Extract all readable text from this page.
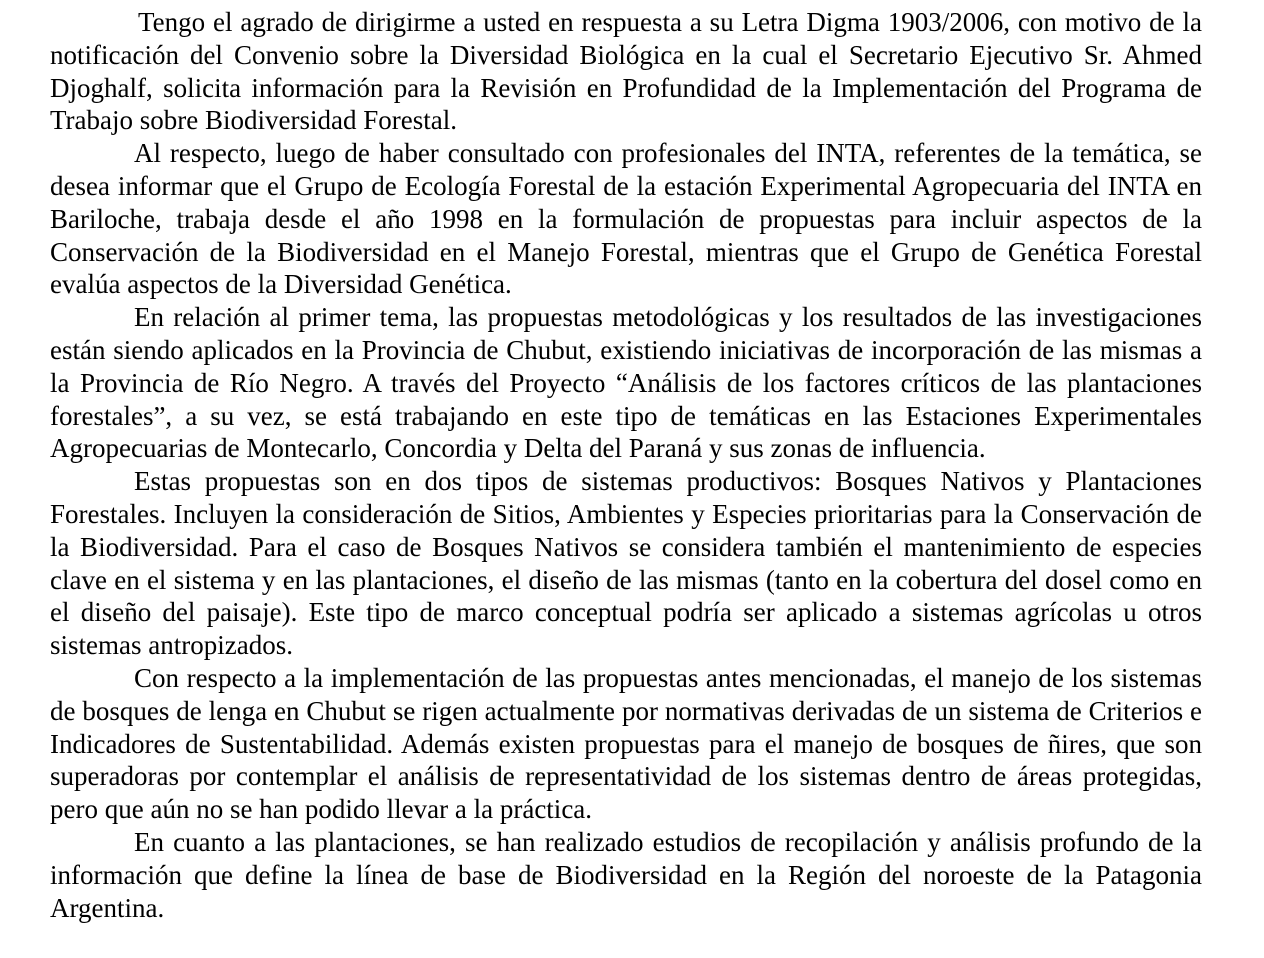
Tengo el agrado de dirigirme a usted en respuesta a su Letra Digma 1903/2006, con motivo de la notificación del Convenio sobre la Diversidad Biológica en la cual el Secretario Ejecutivo Sr. Ahmed Djoghalf, solicita información para la Revisión en Profundidad de la Implementación del Programa de Trabajo sobre Biodiversidad Forestal.

Al respecto, luego de haber consultado con profesionales del INTA, referentes de la temática, se desea informar que el Grupo de Ecología Forestal de la estación Experimental Agropecuaria del INTA en Bariloche, trabaja desde el año 1998 en la formulación de propuestas para incluir aspectos de la Conservación de la Biodiversidad en el Manejo Forestal, mientras que el Grupo de Genética Forestal evalúa aspectos de la Diversidad Genética.

En relación al primer tema, las propuestas metodológicas y los resultados de las investigaciones están siendo aplicados en la Provincia de Chubut, existiendo iniciativas de incorporación de las mismas a la Provincia de Río Negro. A través del Proyecto “Análisis de los factores críticos de las plantaciones forestales”, a su vez, se está trabajando en este tipo de temáticas en las Estaciones Experimentales Agropecuarias de Montecarlo, Concordia y Delta del Paraná y sus zonas de influencia.

Estas propuestas son en dos tipos de sistemas productivos: Bosques Nativos y Plantaciones Forestales. Incluyen la consideración de Sitios, Ambientes y Especies prioritarias para la Conservación de la Biodiversidad. Para el caso de Bosques Nativos se considera también el mantenimiento de especies clave en el sistema y en las plantaciones, el diseño de las mismas (tanto en la cobertura del dosel como en el diseño del paisaje). Este tipo de marco conceptual podría ser aplicado a sistemas agrícolas u otros sistemas antropizados.

Con respecto a la implementación de las propuestas antes mencionadas, el manejo de los sistemas de bosques de lenga en Chubut se rigen actualmente por normativas derivadas de un sistema de Criterios e Indicadores de Sustentabilidad. Además existen propuestas para el manejo de bosques de ñires, que son superadoras por contemplar el análisis de representatividad de los sistemas dentro de áreas protegidas, pero que aún no se han podido llevar a la práctica.

En cuanto a las plantaciones, se han realizado estudios de recopilación y análisis profundo de la información que define la línea de base de Biodiversidad en la Región del noroeste de la Patagonia Argentina.
